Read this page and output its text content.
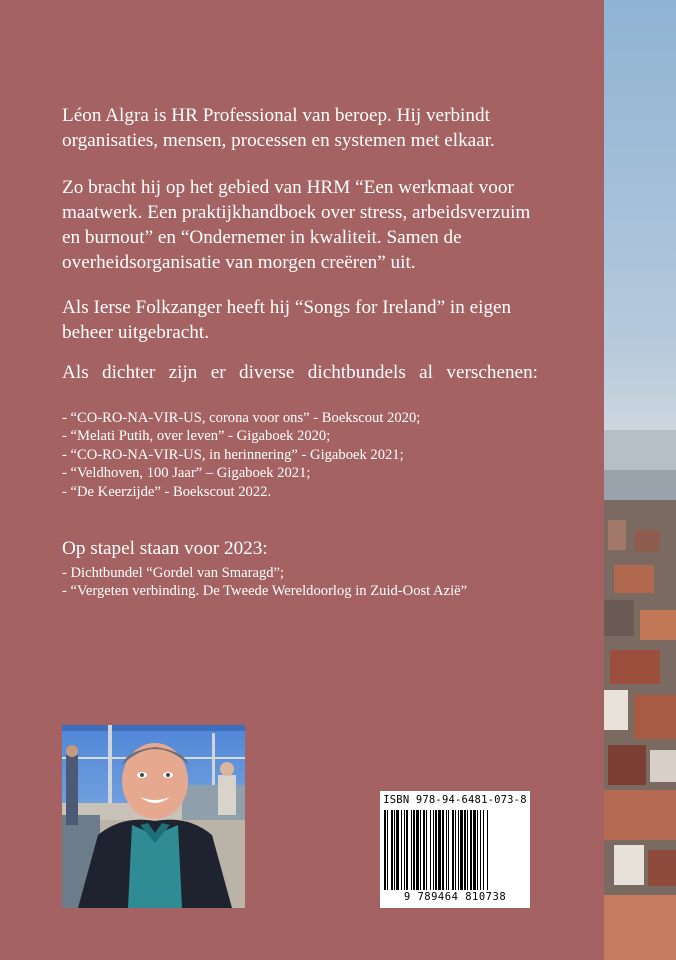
Léon Algra is HR Professional van beroep. Hij verbindt organisaties, mensen, processen en systemen met elkaar.

Zo bracht hij op het gebied van HRM “Een werkmaat voor maatwerk. Een praktijkhandboek over stress, arbeidsverzuim en burnout” en “Ondernemer in kwaliteit. Samen de overheidsorganisatie van morgen creëren” uit.

Als Ierse Folkzanger heeft hij “Songs for Ireland” in eigen beheer uitgebracht.

Als dichter zijn er diverse dichtbundels al verschenen:

- “CO-RO-NA-VIR-US, corona voor ons” - Boekscout 2020;
- “Melati Putih, over leven” - Gigaboek 2020;
- “CO-RO-NA-VIR-US, in herinnering” - Gigaboek 2021;
- “Veldhoven, 100 Jaar” – Gigaboek 2021;
- “De Keerzijde” - Boekscout 2022.

Op stapel staan voor 2023:

- Dichtbundel “Gordel van Smaragd”;
- “Vergeten verbinding. De Tweede Wereldoorlog in Zuid-Oost Azië”
ISBN 978-94-6481-073-8
9 789464 810738
